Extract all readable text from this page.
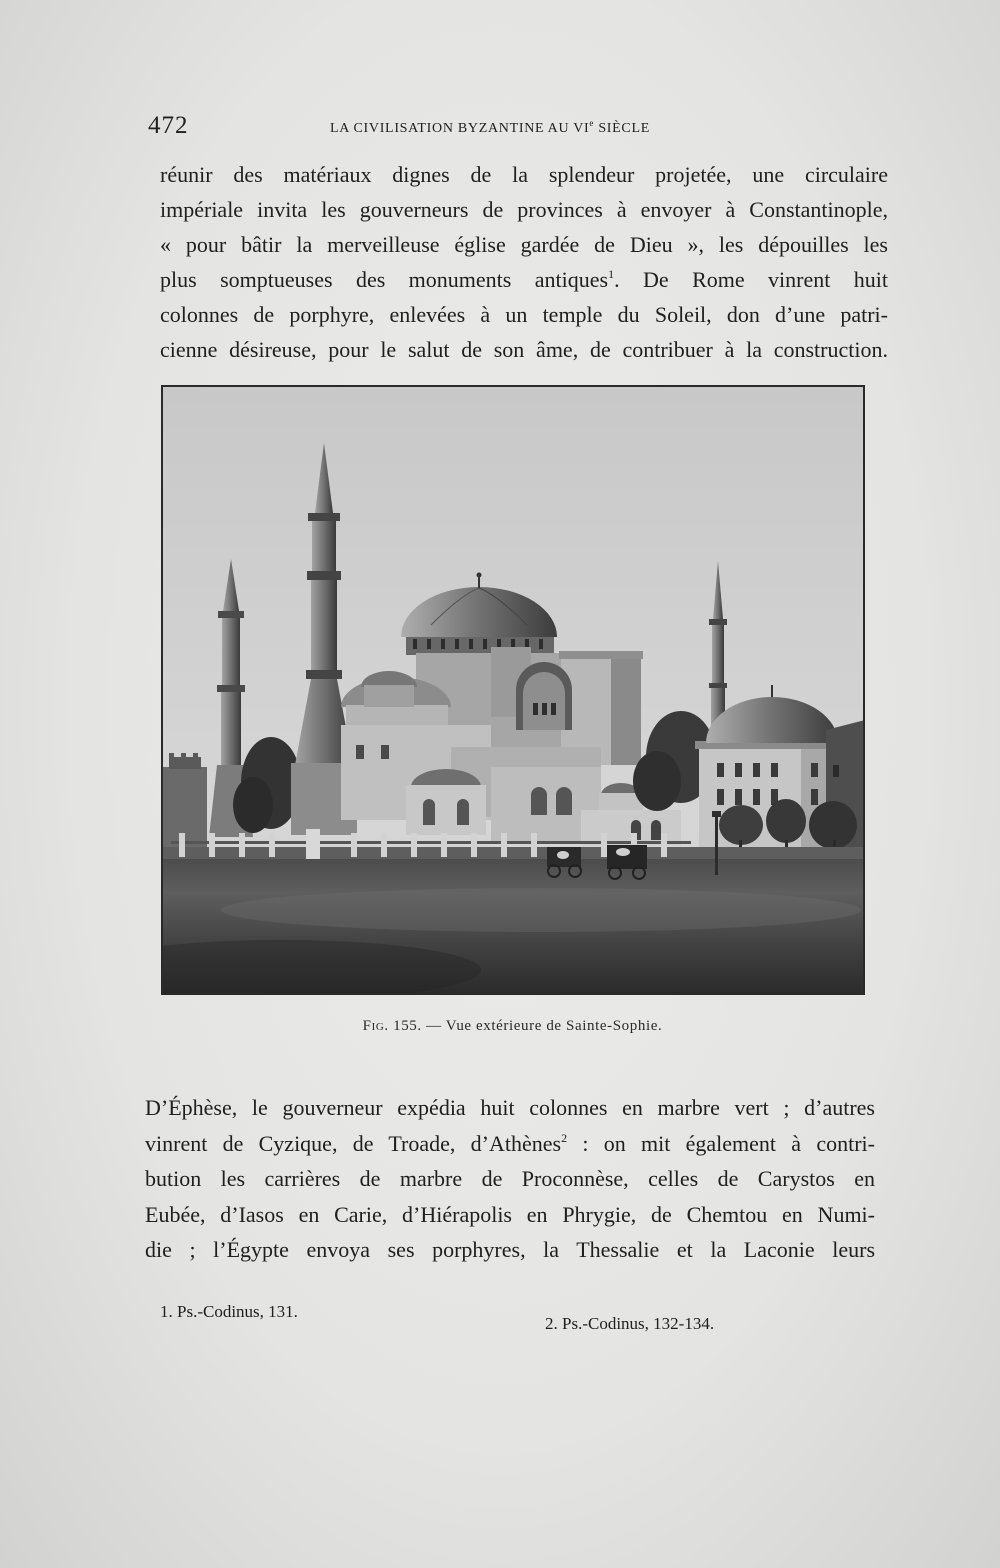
472	LA CIVILISATION BYZANTINE AU VIe SIÈCLE
réunir des matériaux dignes de la splendeur projetée, une circulaire
impériale invita les gouverneurs de provinces à envoyer à Constantinople,
« pour bâtir la merveilleuse église gardée de Dieu », les dépouilles les
plus somptueuses des monuments antiques$^1$. De Rome vinrent huit
colonnes de porphyre, enlevées à un temple du Soleil, don d’une patri-
cienne désireuse, pour le salut de son âme, de contribuer à la construction.
Fig. 155. — Vue extérieure de Sainte-Sophie.
D’Éphèse, le gouverneur expédia huit colonnes en marbre vert ; d’autres
vinrent de Cyzique, de Troade, d’Athènes$^2$ : on mit également à contri-
bution les carrières de marbre de Proconnèse, celles de Carystos en
Eubée, d’Iasos en Carie, d’Hiérapolis en Phrygie, de Chemtou en Numi-
die ; l’Égypte envoya ses porphyres, la Thessalie et la Laconie leurs
1. Ps.-Codinus, 131.
2. Ps.-Codinus, 132-134.
